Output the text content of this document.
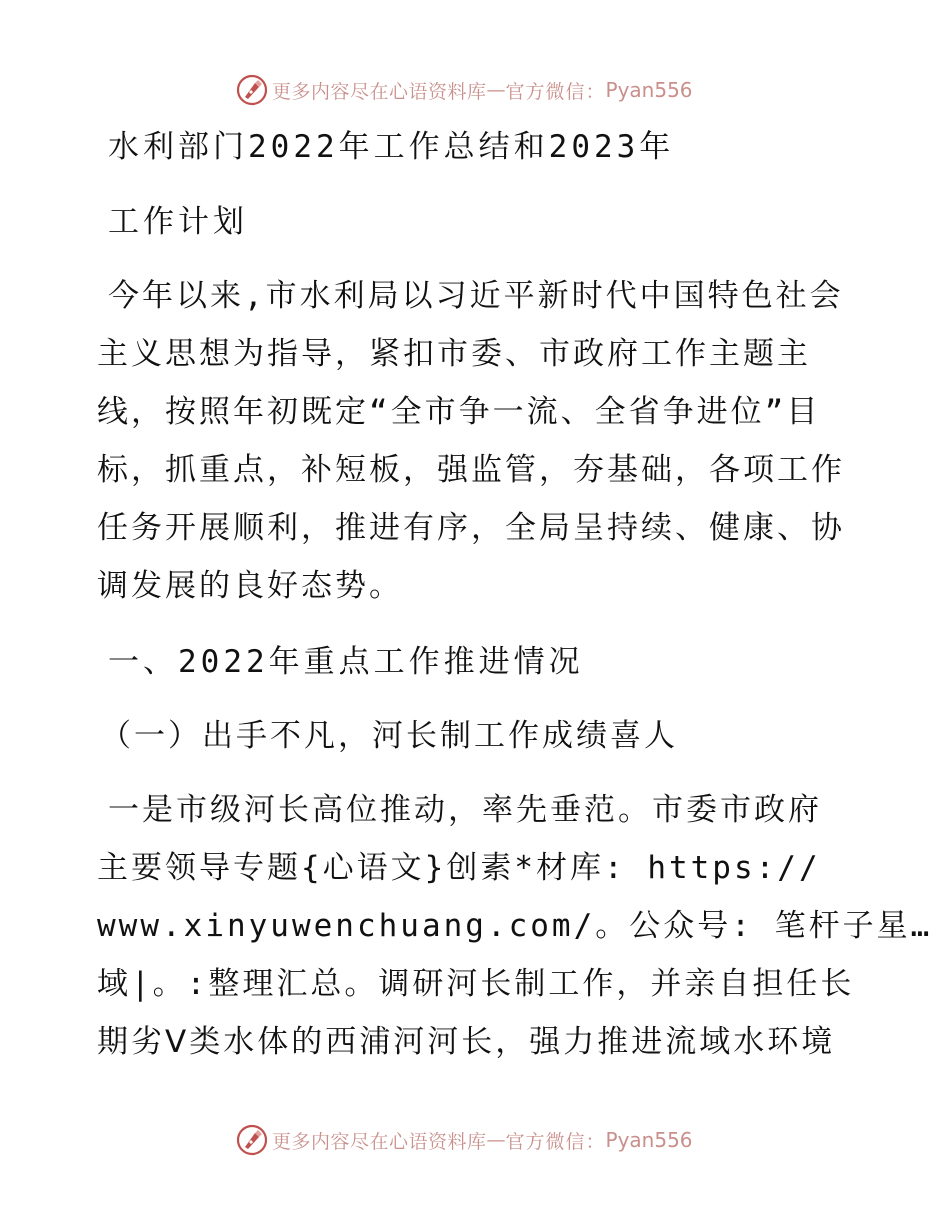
更多内容尽在心语资料库 — 官方微信： Pyan556
水利部门2022年工作总结和2023年
工作计划
今年以来,市水利局以习近平新时代中国特色社会
主义思想为指导，紧扣市委、市政府工作主题主
线，按照年初既定“全市争一流、全省争进位”目
标，抓重点，补短板，强监管，夯基础，各项工作
任务开展顺利，推进有序，全局呈持续、健康、协
调发展的良好态势。
一、2022年重点工作推进情况
（一）出手不凡，河长制工作成绩喜人
一是市级河长高位推动，率先垂范。市委市政府
主要领导专题{心语文}创素*材库: https://
www.xinyuwenchuang.com/。公众号: 笔杆子星…
域|。:整理汇总。调研河长制工作，并亲自担任长
期劣Ⅴ类水体的西浦河河长，强力推进流域水环境
更多内容尽在心语资料库 — 官方微信： Pyan556
